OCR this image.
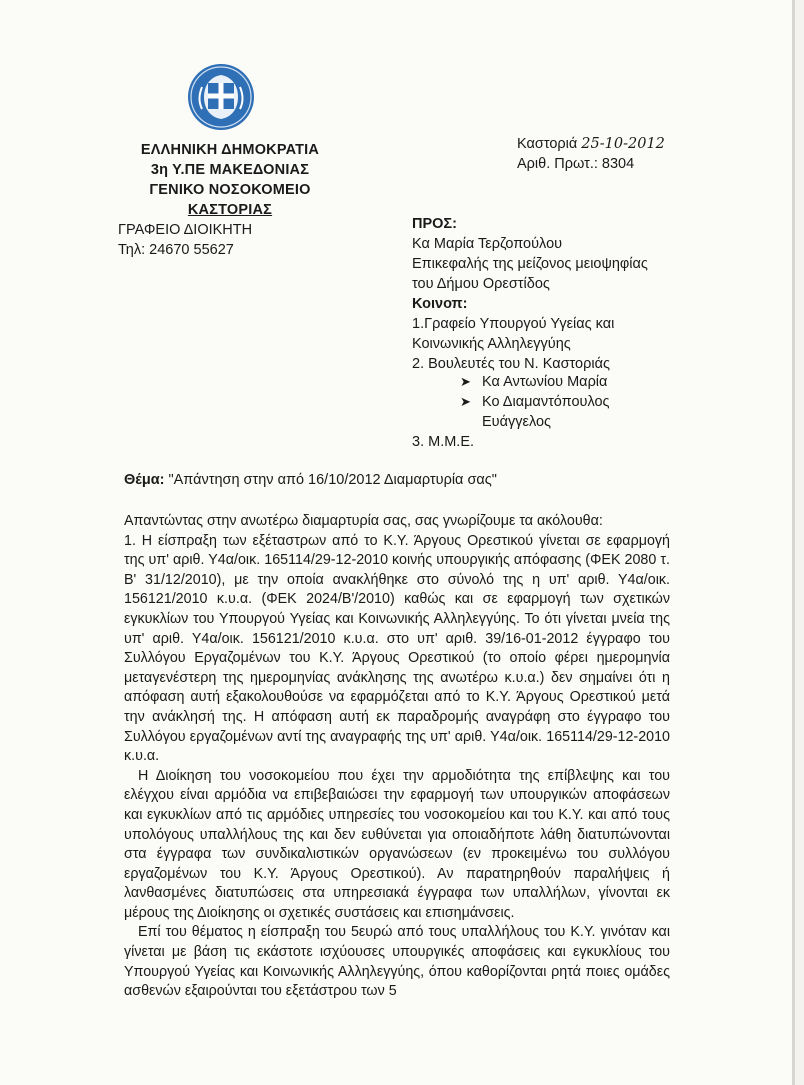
ΕΛΛΗΝΙΚΗ ΔΗΜΟΚΡΑΤΙΑ
3η Υ.ΠΕ ΜΑΚΕΔΟΝΙΑΣ
ΓΕΝΙΚΟ ΝΟΣΟΚΟΜΕΙΟ
ΚΑΣΤΟΡΙΑΣ
ΓΡΑΦΕΙΟ ΔΙΟΙΚΗΤΗ
Τηλ: 24670 55627
Καστοριά 25-10-2012
Αριθ. Πρωτ.: 8304
ΠΡΟΣ:
Κα Μαρία Τερζοπούλου
Επικεφαλής της μείζονος μειοψηφίας
του Δήμου Ορεστίδος
Κοινοπ:
1.Γραφείο Υπουργού Υγείας και
Κοινωνικής Αλληλεγγύης
2. Βουλευτές του Ν. Καστοριάς
➤ Κα Αντωνίου Μαρία
➤ Κο Διαμαντόπουλος
Ευάγγελος
3. Μ.Μ.Ε.
Θέμα: "Απάντηση στην από 16/10/2012 Διαμαρτυρία σας"

Απαντώντας στην ανωτέρω διαμαρτυρία σας, σας γνωρίζουμε τα ακόλουθα:

1. Η είσπραξη των εξέταστρων από το Κ.Υ. Άργους Ορεστικού γίνεται σε εφαρμογή της υπ' αριθ. Υ4α/οικ. 165114/29-12-2010 κοινής υπουργικής απόφασης (ΦΕΚ 2080 τ. Β' 31/12/2010), με την οποία ανακλήθηκε στο σύνολό της η υπ' αριθ. Υ4α/οικ. 156121/2010 κ.υ.α. (ΦΕΚ 2024/Β'/2010) καθώς και σε εφαρμογή των σχετικών εγκυκλίων του Υπουργού Υγείας και Κοινωνικής Αλληλεγγύης. Το ότι γίνεται μνεία της υπ' αριθ. Υ4α/οικ. 156121/2010 κ.υ.α. στο υπ' αριθ. 39/16-01-2012 έγγραφο του Συλλόγου Εργαζομένων του Κ.Υ. Άργους Ορεστικού (το οποίο φέρει ημερομηνία μεταγενέστερη της ημερομηνίας ανάκλησης της ανωτέρω κ.υ.α.) δεν σημαίνει ότι η απόφαση αυτή εξακολουθούσε να εφαρμόζεται από το Κ.Υ. Άργους Ορεστικού μετά την ανάκλησή της. Η απόφαση αυτή εκ παραδρομής αναγράφη στο έγγραφο του Συλλόγου εργαζομένων αντί της αναγραφής της υπ' αριθ. Υ4α/οικ. 165114/29-12-2010 κ.υ.α.

Η Διοίκηση του νοσοκομείου που έχει την αρμοδιότητα της επίβλεψης και του ελέγχου είναι αρμόδια να επιβεβαιώσει την εφαρμογή των υπουργικών αποφάσεων και εγκυκλίων από τις αρμόδιες υπηρεσίες του νοσοκομείου και του Κ.Υ. και από τους υπολόγους υπαλλήλους της και δεν ευθύνεται για οποιαδήποτε λάθη διατυπώνονται στα έγγραφα των συνδικαλιστικών οργανώσεων (εν προκειμένω του συλλόγου εργαζομένων του Κ.Υ. Άργους Ορεστικού). Αν παρατηρηθούν παραλήψεις ή λανθασμένες διατυπώσεις στα υπηρεσιακά έγγραφα των υπαλλήλων, γίνονται εκ μέρους της Διοίκησης οι σχετικές συστάσεις και επισημάνσεις.

Επί του θέματος η είσπραξη του 5ευρώ από τους υπαλλήλους του Κ.Υ. γινόταν και γίνεται με βάση τις εκάστοτε ισχύουσες υπουργικές αποφάσεις και εγκυκλίους του Υπουργού Υγείας και Κοινωνικής Αλληλεγγύης, όπου καθορίζονται ρητά ποιες ομάδες ασθενών εξαιρούνται του εξετάστρου των 5
